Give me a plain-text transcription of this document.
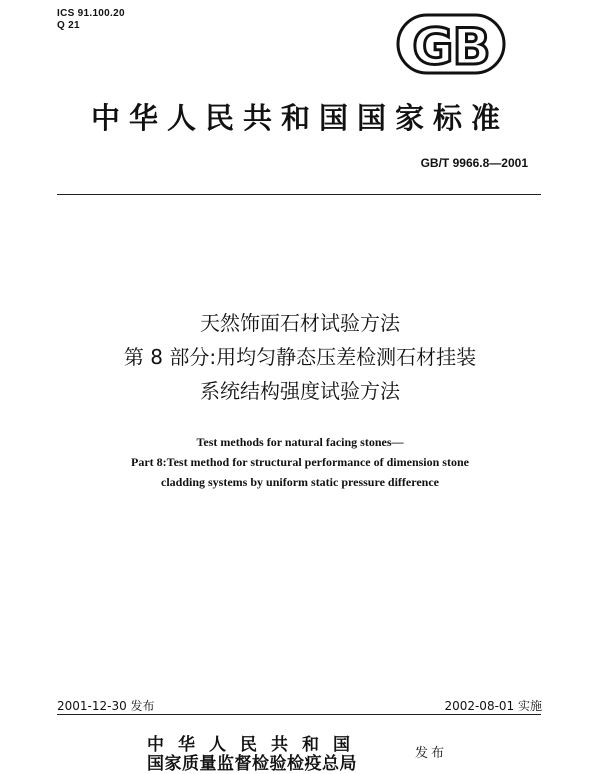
ICS 91.100.20
Q 21	GB
中华人民共和国国家标准
GB/T 9966.8—2001
天然饰面石材试验方法
第 8 部分:用均匀静态压差检测石材挂装
系统结构强度试验方法
Test methods for natural facing stones—
Part 8:Test method for structural performance of dimension stone
cladding systems by uniform static pressure difference
2001-12-30 发布	2002-08-01 实施
中华人民共和国
国家质量监督检验检疫总局
发布
